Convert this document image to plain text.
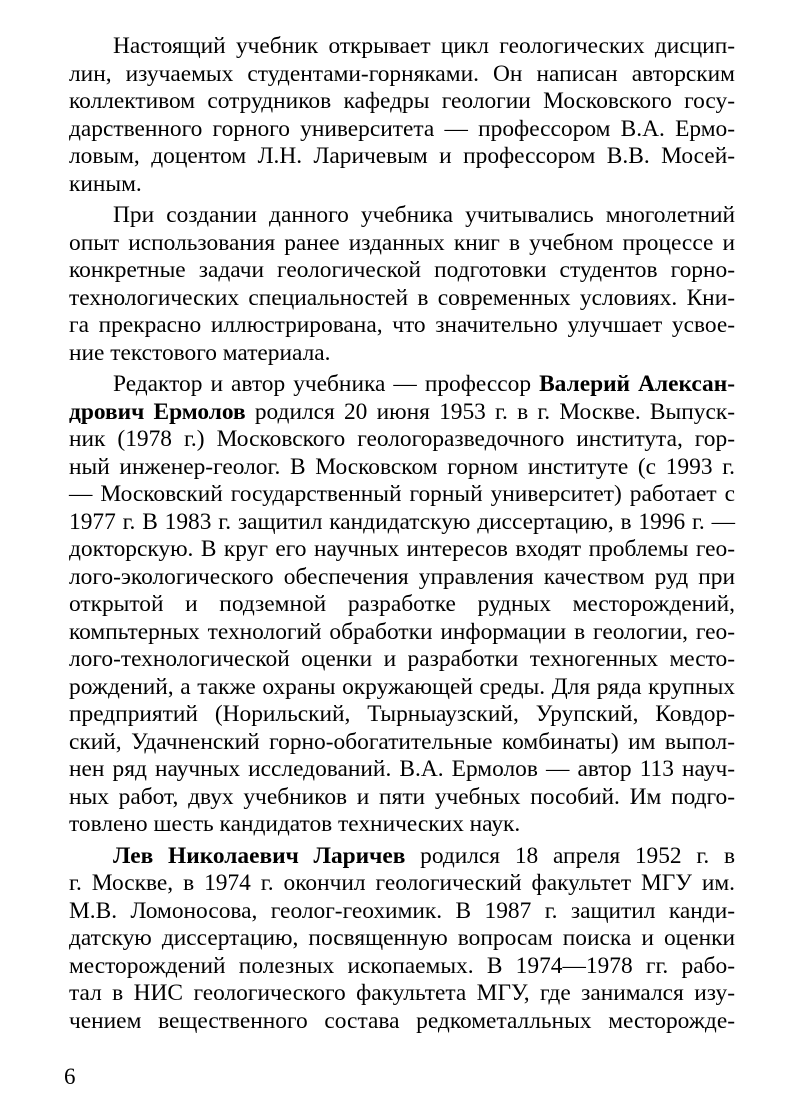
Настоящий учебник открывает цикл геологических дисцип-
лин, изучаемых студентами-горняками. Он написан авторским
коллективом сотрудников кафедры геологии Московского госу-
дарственного горного университета — профессором В.А. Ермо-
ловым, доцентом Л.Н. Ларичевым и профессором В.В. Мосей-
киным.

При создании данного учебника учитывались многолетний
опыт использования ранее изданных книг в учебном процессе и
конкретные задачи геологической подготовки студентов горно-
технологических специальностей в современных условиях. Кни-
га прекрасно иллюстрирована, что значительно улучшает усвое-
ние текстового материала.

Редактор и автор учебника — профессор Валерий Алексан-
дрович Ермолов родился 20 июня 1953 г. в г. Москве. Выпуск-
ник (1978 г.) Московского геологоразведочного института, гор-
ный инженер-геолог. В Московском горном институте (с 1993 г.
— Московский государственный горный университет) работает с
1977 г. В 1983 г. защитил кандидатскую диссертацию, в 1996 г. —
докторскую. В круг его научных интересов входят проблемы гео-
лого-экологического обеспечения управления качеством руд при
открытой и подземной разработке рудных месторождений,
компьтерных технологий обработки информации в геологии, гео-
лого-технологической оценки и разработки техногенных место-
рождений, а также охраны окружающей среды. Для ряда крупных
предприятий (Норильский, Тырныаузский, Урупский, Ковдор-
ский, Удачненский горно-обогатительные комбинаты) им выпол-
нен ряд научных исследований. В.А. Ермолов — автор 113 науч-
ных работ, двух учебников и пяти учебных пособий. Им подго-
товлено шесть кандидатов технических наук.

Лев Николаевич Ларичев родился 18 апреля 1952 г. в
г. Москве, в 1974 г. окончил геологический факультет МГУ им.
М.В. Ломоносова, геолог-геохимик. В 1987 г. защитил канди-
датскую диссертацию, посвященную вопросам поиска и оценки
месторождений полезных ископаемых. В 1974—1978 гг. рабо-
тал в НИС геологического факультета МГУ, где занимался изу-
чением вещественного состава редкометалльных месторожде-

6
